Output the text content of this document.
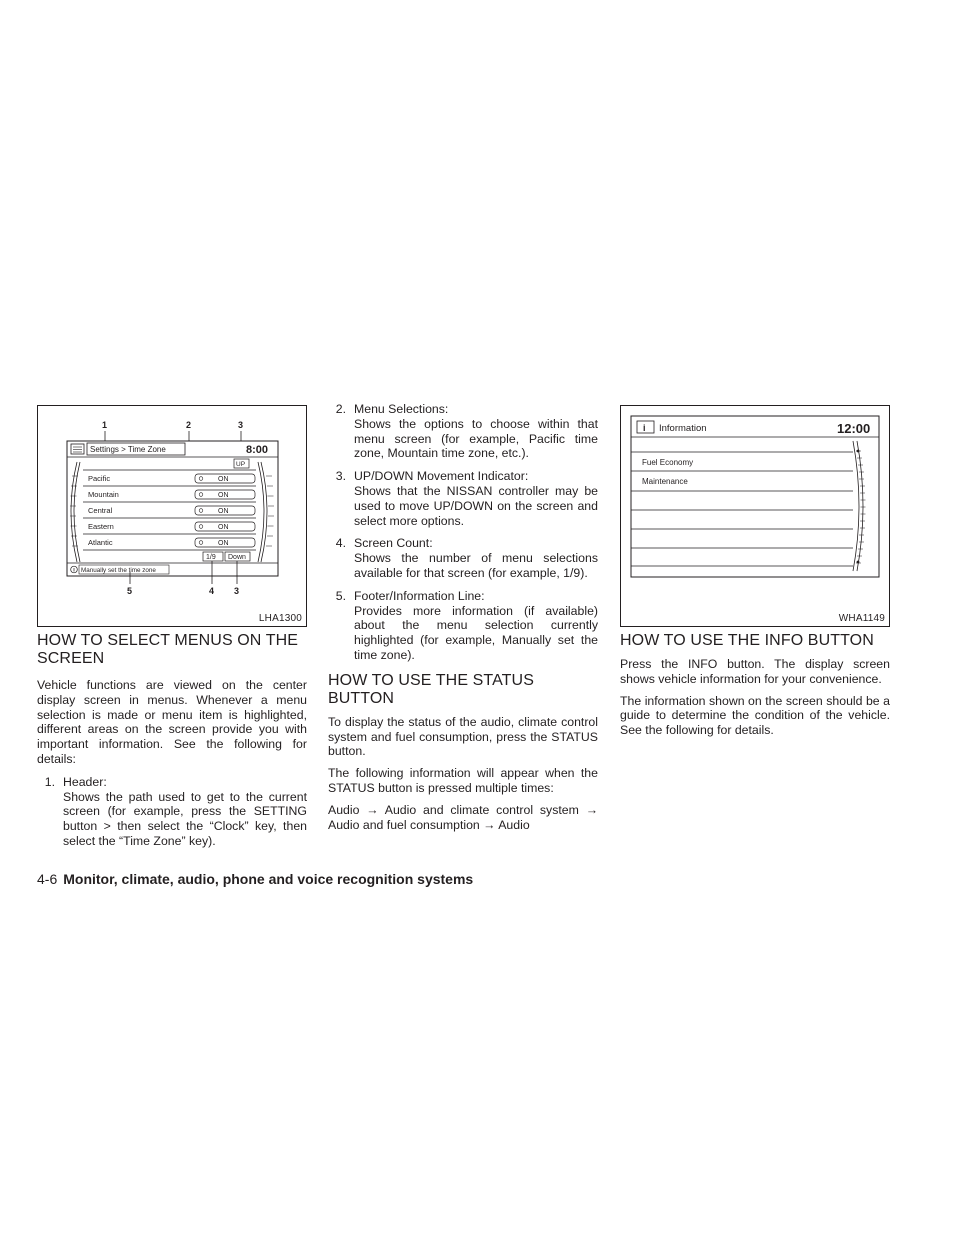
1	2	3
Settings > Time Zone	8:00
UP
Pacific
Mountain
Central
Eastern
Atlantic
ON
ON
ON
ON
ON
1/9 Down
Manually set the time zone
5	4 3
LHA1300
i Information	12:00
Fuel Economy
Maintenance
WHA1149
HOW TO SELECT MENUS ON THE SCREEN

Vehicle functions are viewed on the center display screen in menus. Whenever a menu selection is made or menu item is highlighted, different areas on the screen provide you with important information. See the following for details:

1. Header:
Shows the path used to get to the current screen (for example, press the SETTING button > then select the “Clock” key, then select the “Time Zone” key).
2. Menu Selections:
Shows the options to choose within that menu screen (for example, Pacific time zone, Mountain time zone, etc.).
3. UP/DOWN Movement Indicator:
Shows that the NISSAN controller may be used to move UP/DOWN on the screen and select more options.
4. Screen Count:
Shows the number of menu selections available for that screen (for example, 1/9).
5. Footer/Information Line:
Provides more information (if available) about the menu selection currently highlighted (for example, Manually set the time zone).
HOW TO USE THE STATUS BUTTON

To display the status of the audio, climate control system and fuel consumption, press the STATUS button.

The following information will appear when the STATUS button is pressed multiple times:

Audio → Audio and climate control system → Audio and fuel consumption → Audio

HOW TO USE THE INFO BUTTON

Press the INFO button. The display screen shows vehicle information for your convenience.

The information shown on the screen should be a guide to determine the condition of the vehicle. See the following for details.

4-6 Monitor, climate, audio, phone and voice recognition systems
